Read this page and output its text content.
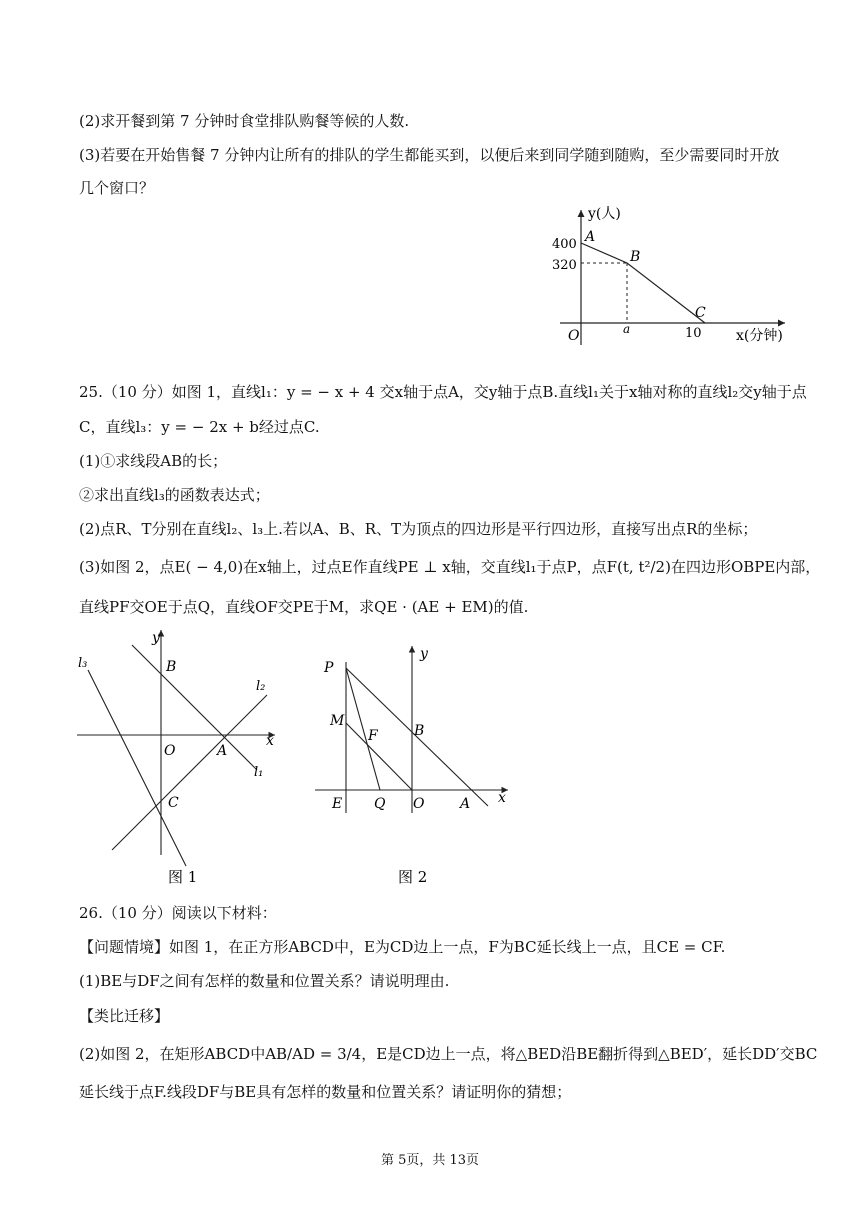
(2)求开餐到第 7 分钟时食堂排队购餐等候的人数.
(3)若要在开始售餐 7 分钟内让所有的排队的学生都能买到，以便后来到同学随到随购，至少需要同时开放
几个窗口？
y(人)
400
320
A
B
C
O	a	10 x(分钟)
25.（10 分）如图 1，直线l₁：y = − x + 4 交x轴于点A，交y轴于点B.直线l₁关于x轴对称的直线l₂交y轴于点
C，直线l₃：y = − 2x + b经过点C.
(1)①求线段AB的长；
②求出直线l₃的函数表达式；
(2)点R、T分别在直线l₂、l₃上.若以A、B、R、T为顶点的四边形是平行四边形，直接写出点R的坐标；
(3)如图 2，点E( − 4,0)在x轴上，过点E作直线PE ⊥ x轴，交直线l₁于点P，点F(t, t²/2)在四边形OBPE内部，
直线PF交OE于点Q，直线OF交PE于M，求QE · (AE + EM)的值.
y
x
B
O	A
C
l₁
l₂
l₃
图 1
y
x
P
M
F	B
E Q O	A
图 2
26.（10 分）阅读以下材料：
【问题情境】如图 1，在正方形ABCD中，E为CD边上一点，F为BC延长线上一点，且CE = CF.
(1)BE与DF之间有怎样的数量和位置关系？请说明理由.
【类比迁移】
(2)如图 2，在矩形ABCD中AB/AD = 3/4，E是CD边上一点，将△BED沿BE翻折得到△BED′，延长DD′交BC
延长线于点F.线段DF与BE具有怎样的数量和位置关系？请证明你的猜想；
第 5页，共 13页
